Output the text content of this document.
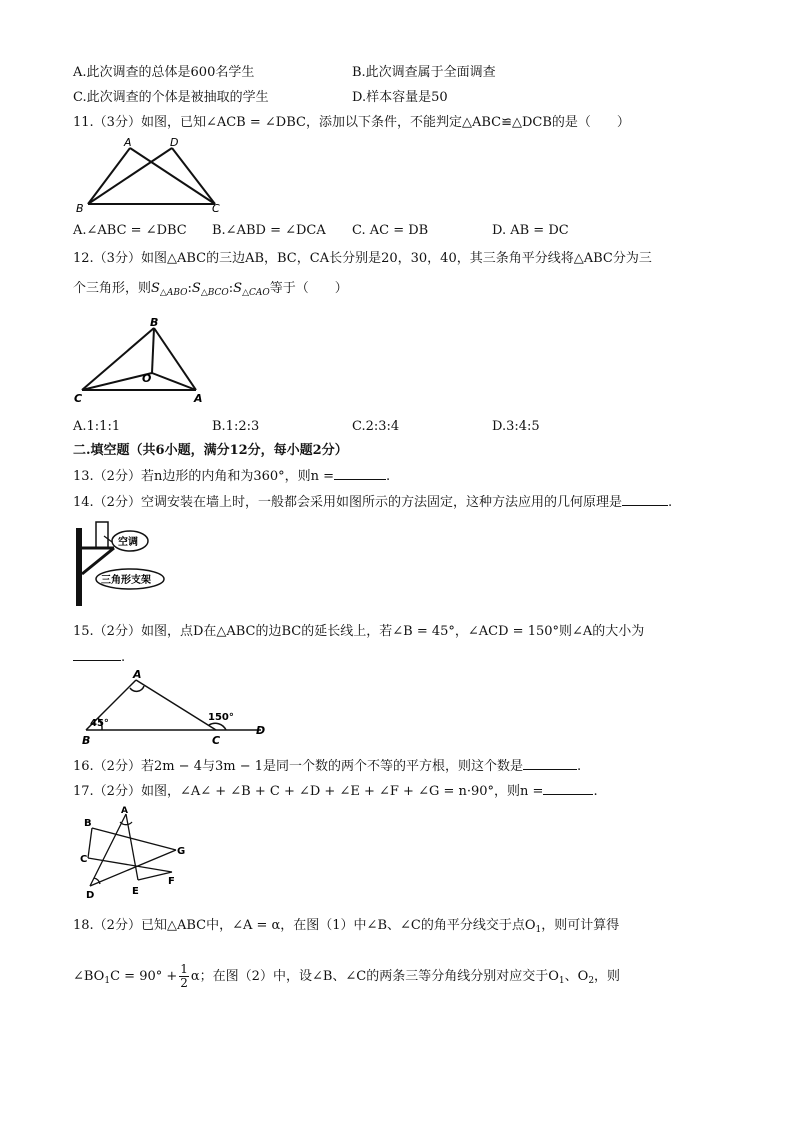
A.此次调查的总体是600名学生	B.此次调查属于全面调查
C.此次调查的个体是被抽取的学生	D.样本容量是50
11.（3分）如图，已知∠ACB = ∠DBC，添加以下条件，不能判定△ABC≌△DCB的是（　　）
A	D
B	C
A.∠ABC = ∠DBC B.∠ABD = ∠DCA C. AC = DB	D. AB = DC
12.（3分）如图△ABC的三边AB，BC，CA长分别是20，30，40，其三条角平分线将△ABC分为三
个三角形，则$S_{\triangle ABO}:S_{\triangle BCO}:S_{\triangle CAO}$等于（　　）
B
O
C	A
A.1:1:1	B.1:2:3	C.2:3:4	D.3:4:5
二.填空题（共6小题，满分12分，每小题2分）
13.（2分）若n边形的内角和为360°，则n =	.
14.（2分）空调安装在墙上时，一般都会采用如图所示的方法固定，这种方法应用的几何原理是	.
空调
三角形支架
15.（2分）如图，点D在△ABC的边BC的延长线上，若∠B = 45°，∠ACD = 150°则∠A的大小为
.
A
B	C
D
45°
150°
16.（2分）若2m − 4与3m − 1是同一个数的两个不等的平方根，则这个数是	.
17.（2分）如图，∠A∠ + ∠B + C + ∠D + ∠E + ∠F + ∠G = n·90°，则n =	.
A
B
C
D	E
F
G
18.（2分）已知△ABC中，∠A = α，在图（1）中∠B、∠C的角平分线交于点$O_1$，则可计算得
$\angle BO_1C = 90^\circ + \frac{1}{2}$ α；在图（2）中，设∠B、∠C的两条三等分角线分别对应交于$O_1$、$O_2$，则
